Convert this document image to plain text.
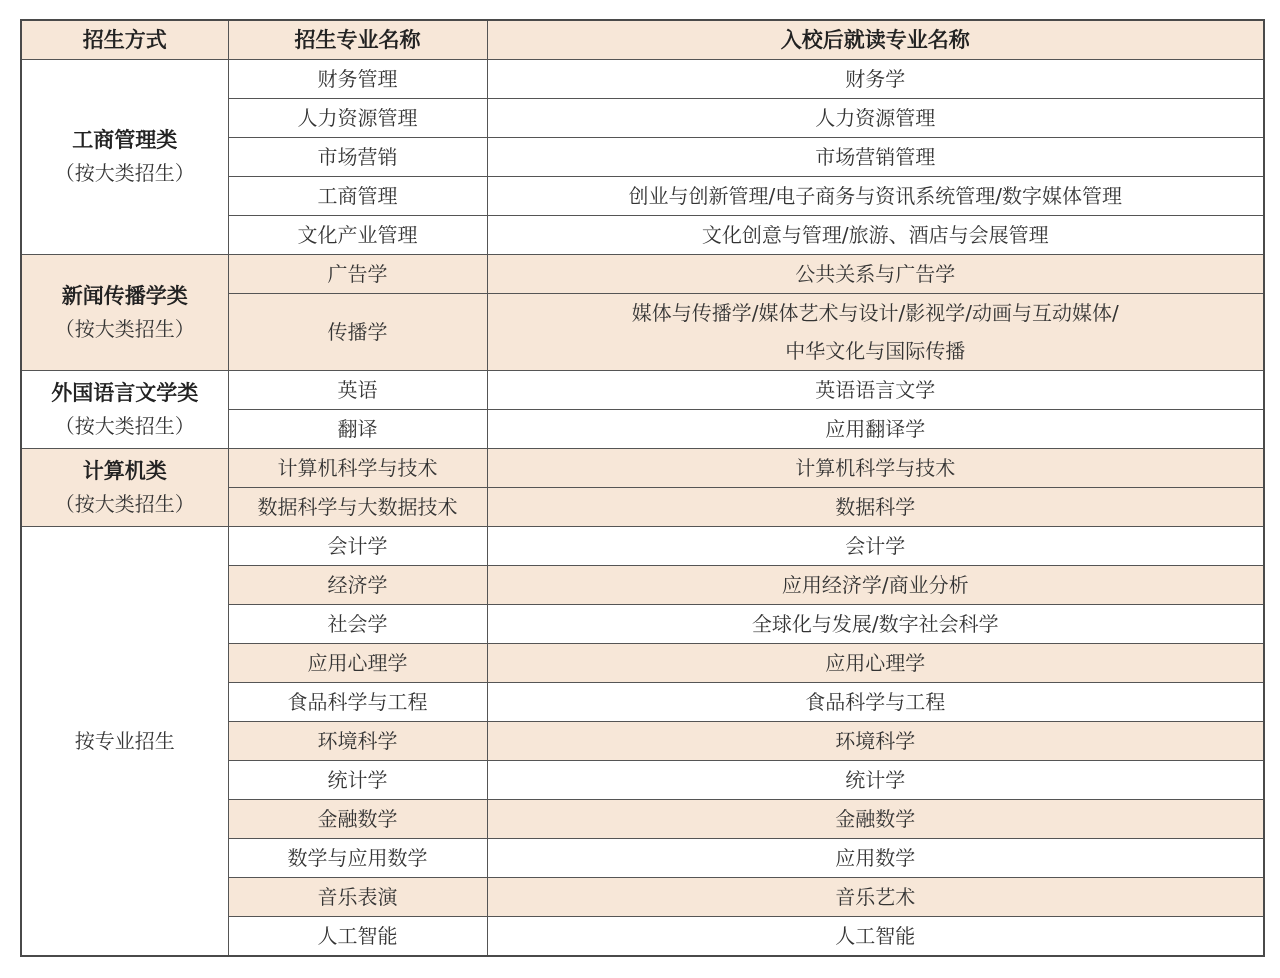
招生方式	招生专业名称	入校后就读专业名称

工商管理类
（按大类招生）	财务管理	财务学

	人力资源管理	人力资源管理

	市场营销	市场营销管理

	工商管理	创业与创新管理/电子商务与资讯系统管理/数字媒体管理

	文化产业管理	文化创意与管理/旅游、酒店与会展管理

新闻传播学类
（按大类招生）	广告学	公共关系与广告学

	传播学	媒体与传播学/媒体艺术与设计/影视学/动画与互动媒体/
中华文化与国际传播

外国语言文学类
（按大类招生）	英语	英语语言文学

	翻译	应用翻译学

计算机类
（按大类招生）	计算机科学与技术	计算机科学与技术

	数据科学与大数据技术	数据科学

按专业招生	会计学	会计学

	经济学	应用经济学/商业分析

	社会学	全球化与发展/数字社会科学

	应用心理学	应用心理学

	食品科学与工程	食品科学与工程

	环境科学	环境科学

	统计学	统计学

	金融数学	金融数学

	数学与应用数学	应用数学

	音乐表演	音乐艺术

	人工智能	人工智能
